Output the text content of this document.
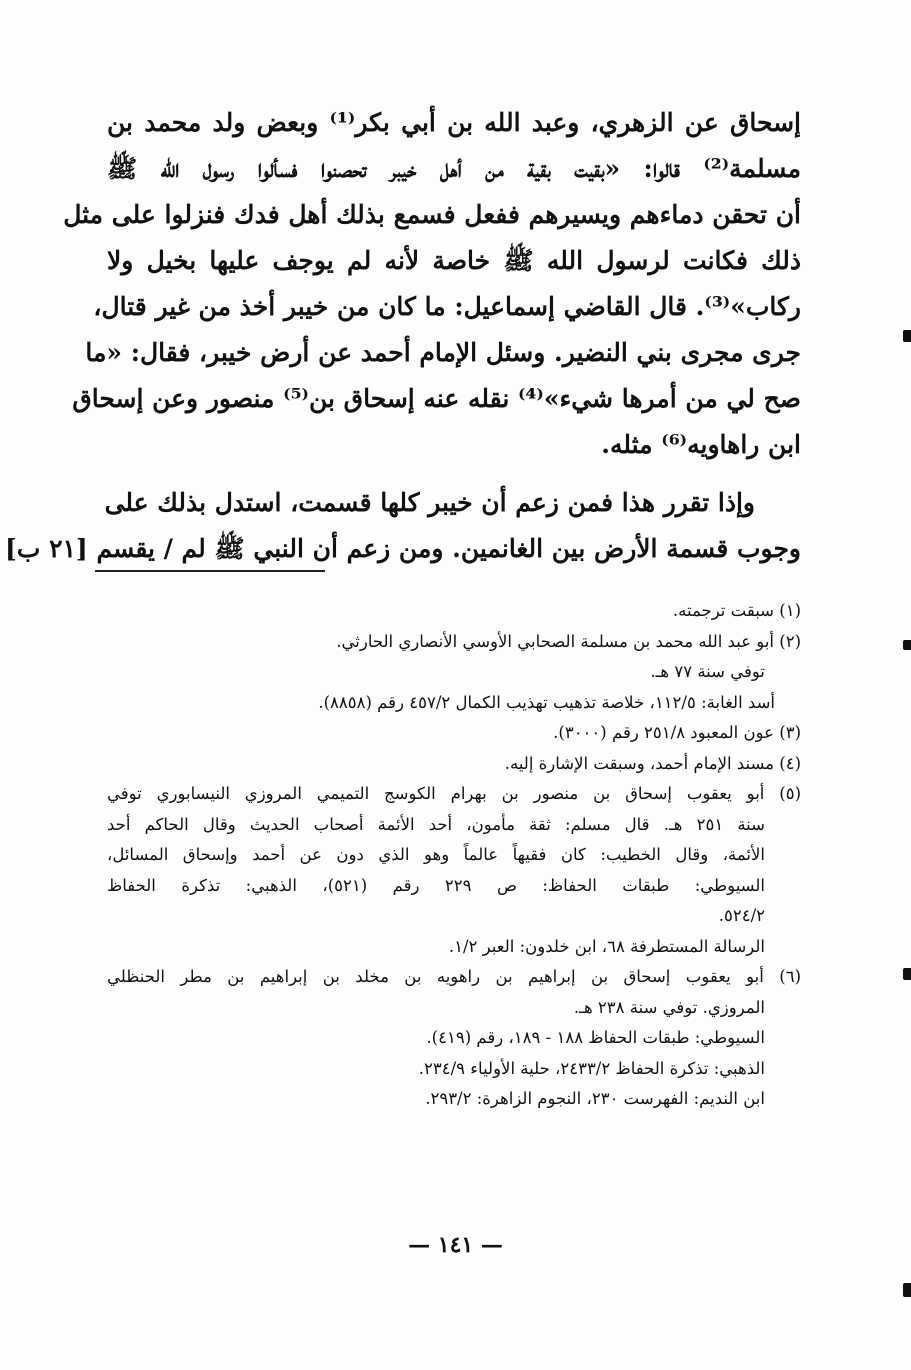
إسحاق عن الزهري، وعبد الله بن أبي بكر⁽¹⁾ وبعض ولد محمد بن
مسلمة⁽²⁾ قالوا: «بقيت بقية من أهل خيبر تحصنوا فسألوا رسول الله ﷺ
أن تحقن دماءهم ويسيرهم ففعل فسمع بذلك أهل فدك فنزلوا على مثل
ذلك فكانت لرسول الله ﷺ خاصة لأنه لم يوجف عليها بخيل ولا
ركاب»⁽³⁾. قال القاضي إسماعيل: ما كان من خيبر أخذ من غير قتال،
جرى مجرى بني النضير. وسئل الإمام أحمد عن أرض خيبر، فقال: «ما
صح لي من أمرها شيء»⁽⁴⁾ نقله عنه إسحاق بن⁽⁵⁾ منصور وعن إسحاق
ابن راهاويه⁽⁶⁾ مثله.
وإذا تقرر هذا فمن زعم أن خيبر كلها قسمت، استدل بذلك على
وجوب قسمة الأرض بين الغانمين. ومن زعم أن النبي ﷺ لم / يقسم [٢١ ب]
(١) سبقت ترجمته.
(٢) أبو عبد الله محمد بن مسلمة الصحابي الأوسي الأنصاري الحارثي.
توفي سنة ٧٧ هـ.
أسد الغابة: ١١٢/٥، خلاصة تذهيب تهذيب الكمال ٤٥٧/٢ رقم (٨٨٥٨).
(٣) عون المعبود ٢٥١/٨ رقم (٣٠٠٠).
(٤) مسند الإمام أحمد، وسبقت الإشارة إليه.
(٥) أبو يعقوب إسحاق بن منصور بن بهرام الكوسج التميمي المروزي النيسابوري توفي
سنة ٢٥١ هـ. قال مسلم: ثقة مأمون، أحد الأئمة أصحاب الحديث وقال الحاكم أحد
الأئمة، وقال الخطيب: كان فقيهاً عالماً وهو الذي دون عن أحمد وإسحاق المسائل،
السيوطي: طبقات الحفاظ: ص ٢٢٩ رقم (٥٢١)، الذهبي: تذكرة الحفاظ
٥٢٤/٢.
الرسالة المستطرفة ٦٨، ابن خلدون: العبر ١/٢.
(٦) أبو يعقوب إسحاق بن إبراهيم بن راهويه بن مخلد بن إبراهيم بن مطر الحنظلي
المروزي. توفي سنة ٢٣٨ هـ.
السيوطي: طبقات الحفاظ ١٨٨ - ١٨٩، رقم (٤١٩).
الذهبي: تذكرة الحفاظ ٢٤٣٣/٢، حلية الأولياء ٢٣٤/٩.
ابن النديم: الفهرست ٢٣٠، النجوم الزاهرة: ٢٩٣/٢.
— ١٤١ —
